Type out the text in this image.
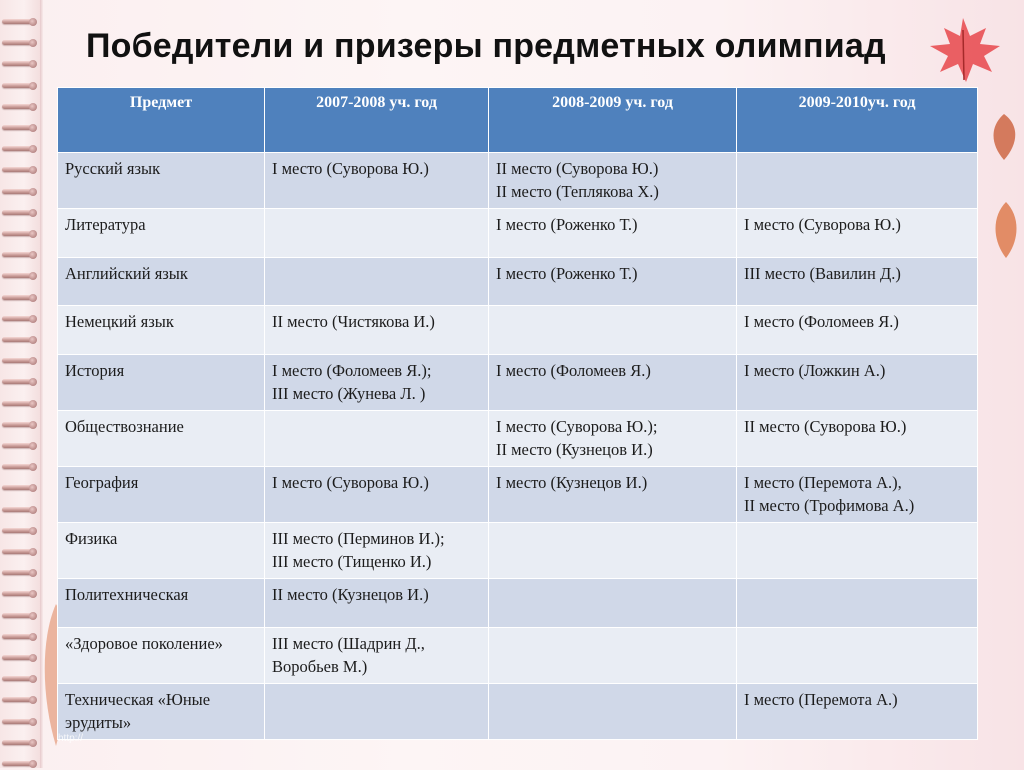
Победители и призеры предметных олимпиад
Предмет	2007-2008 уч. год	2008-2009 уч. год	2009-2010уч. год

Русский язык	I место (Суворова Ю.)	II место (Суворова Ю.)
II место (Теплякова Х.)	

Литература		I место (Роженко Т.)	I место (Суворова Ю.)

Английский язык		I место (Роженко Т.)	III место (Вавилин Д.)

Немецкий язык	II место (Чистякова И.)		I место (Фоломеев Я.)

История	I место (Фоломеев Я.);
III место (Жунева Л. )	I место (Фоломеев Я.)	I место (Ложкин А.)

Обществознание		I место (Суворова Ю.);
II место (Кузнецов И.)	II место (Суворова Ю.)

География	I место (Суворова Ю.)	I место (Кузнецов И.)	I место (Перемота А.),
II место (Трофимова А.)

Физика	III место (Перминов И.);
III место (Тищенко И.)		

Политехническая	II место (Кузнецов И.)		

«Здоровое поколение»	III место (Шадрин Д.,
Воробьев М.)		

Техническая «Юные эрудиты»			I место (Перемота А.)
http://
